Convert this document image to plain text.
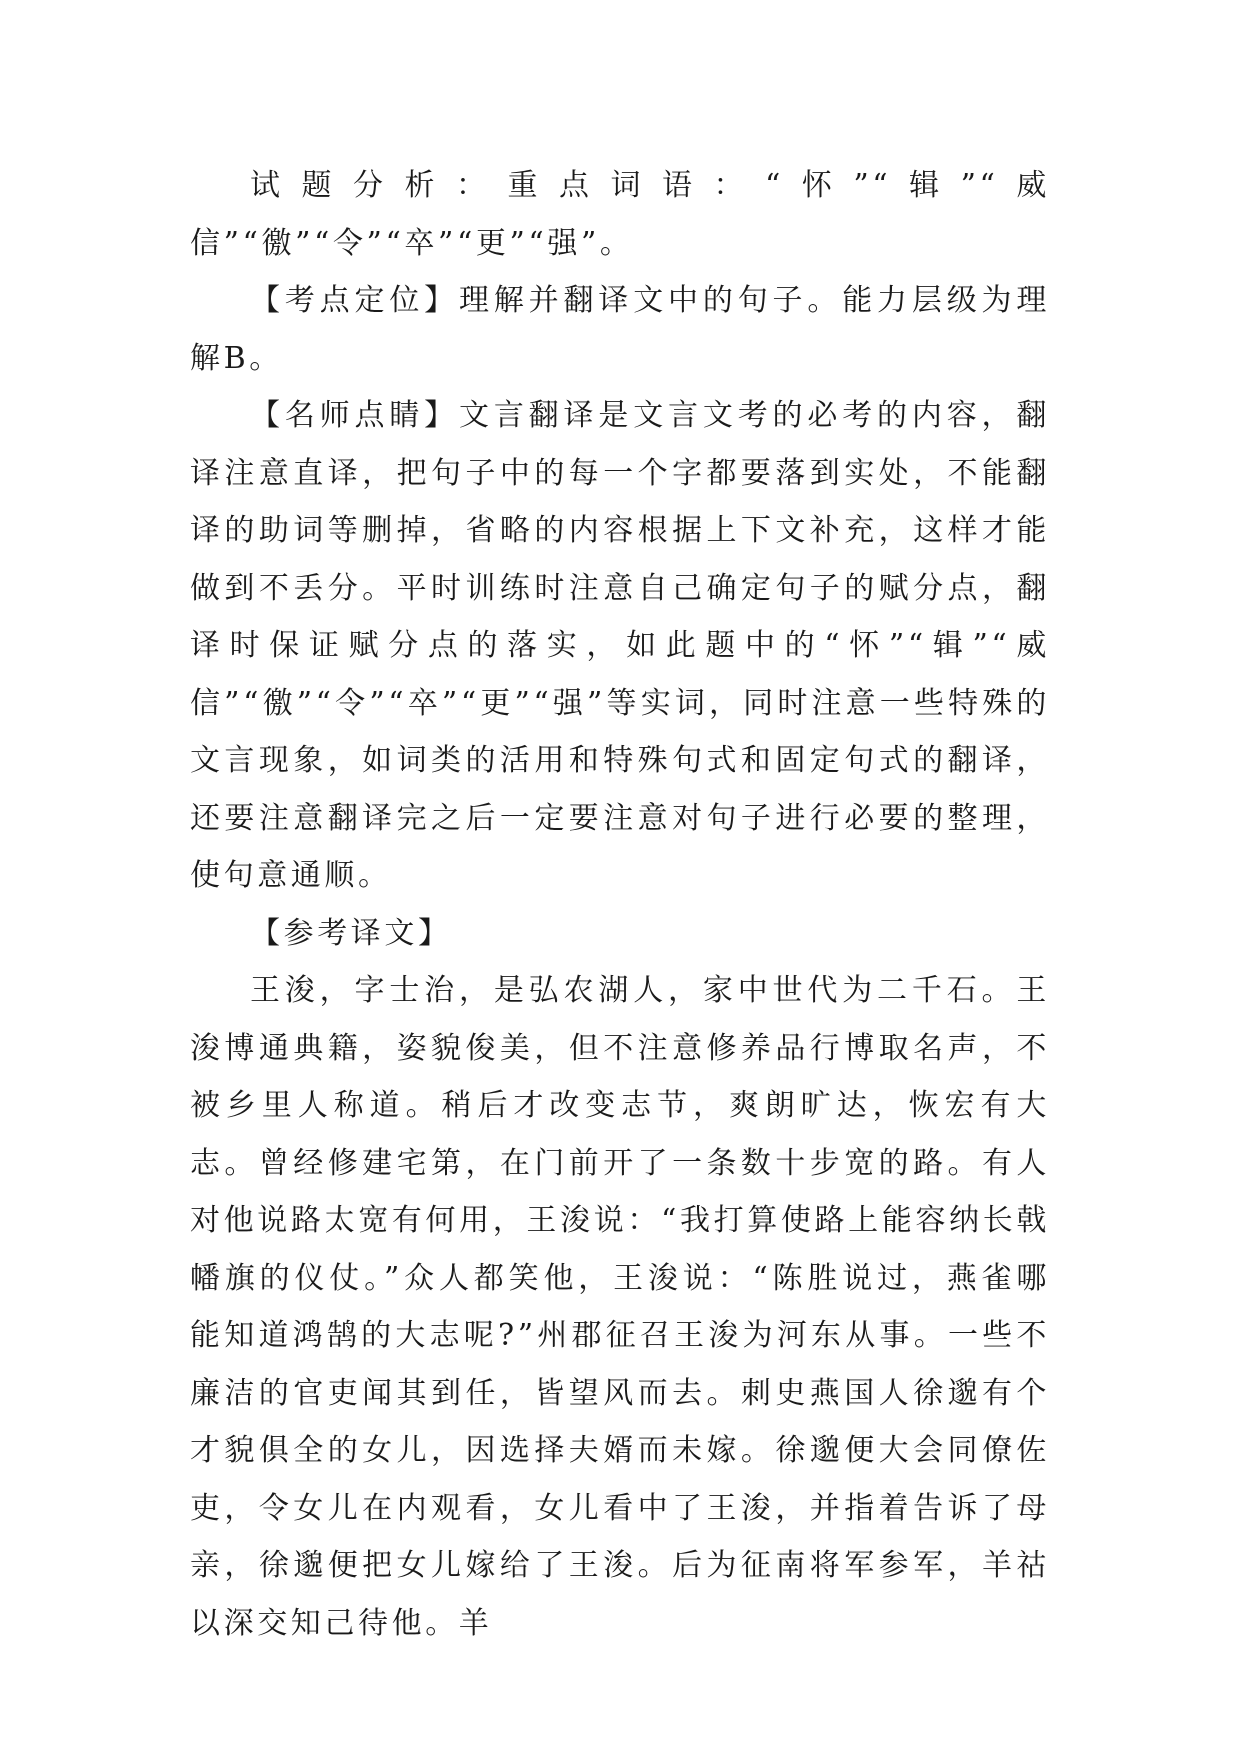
试题分析：重点词语：“怀”“辑”“威信”“徼”“令”“卒”“更”“强”。

【考点定位】理解并翻译文中的句子。能力层级为理解B。

【名师点睛】文言翻译是文言文考的必考的内容，翻译注意直译，把句子中的每一个字都要落到实处，不能翻译的助词等删掉，省略的内容根据上下文补充，这样才能做到不丢分。平时训练时注意自己确定句子的赋分点，翻译时保证赋分点的落实，如此题中的“怀”“辑”“威信”“徼”“令”“卒”“更”“强”等实词，同时注意一些特殊的文言现象，如词类的活用和特殊句式和固定句式的翻译，还要注意翻译完之后一定要注意对句子进行必要的整理，使句意通顺。

【参考译文】

王浚，字士治，是弘农湖人，家中世代为二千石。王浚博通典籍，姿貌俊美，但不注意修养品行博取名声，不被乡里人称道。稍后才改变志节，爽朗旷达，恢宏有大志。曾经修建宅第，在门前开了一条数十步宽的路。有人对他说路太宽有何用，王浚说：“我打算使路上能容纳长戟幡旗的仪仗。”众人都笑他，王浚说：“陈胜说过，燕雀哪能知道鸿鹄的大志呢?”州郡征召王浚为河东从事。一些不廉洁的官吏闻其到任，皆望风而去。刺史燕国人徐邈有个才貌俱全的女儿，因选择夫婿而未嫁。徐邈便大会同僚佐吏，令女儿在内观看，女儿看中了王浚，并指着告诉了母亲，徐邈便把女儿嫁给了王浚。后为征南将军参军，羊祜以深交知己待他。羊
